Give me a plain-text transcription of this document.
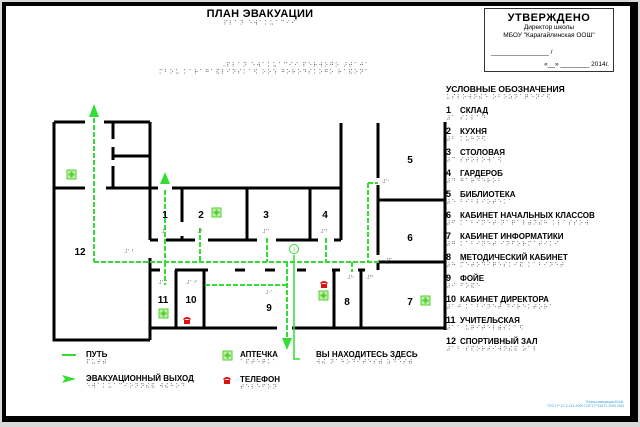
ПЛАН ЭВАКУАЦИИ
⠏⠇⠁⠝ ⠑⠺⠁⠅⠥⠁⠉⠊⠊
⠠⠏⠇⠁⠝ ⠑⠺⠁⠅⠥⠁⠉⠊⠊ ⠏⠑⠗⠺⠕⠛⠕ ⠜⠞⠁⠚⠁
⠍⠃⠕⠥ ⠅⠁⠗⠁⠛⠁⠯⠇⠊⠝⠎⠅⠁⠫ ⠕⠕⠱ ⠛⠕⠗⠕⠙⠎⠅⠕⠛⠕ ⠗⠁⠯⠕⠝⠁
УТВЕРЖДЕНО
Директор школы
МБОУ "Карагайлинская ООШ"
________________ /
«__» ________ 2014г.
i
1	2	3	4
5
6
7
8
9
10
11
12
⠼⠁	⠼⠃	⠼⠉	⠼⠙
⠼⠑
⠼⠋
⠼⠓ ⠼⠛
⠼⠊
⠼⠁⠚
⠼⠁⠁
⠼⠁⠃
УСЛОВНЫЕ ОБОЗНАЧЕНИЯ
⠥⠎⠇⠕⠺⠝⠮⠑ ⠕⠃⠕⠵⠝⠁⠟⠑⠝⠊⠫
1	СКЛАД
⠼⠁ ⠎⠅⠇⠁⠙
2	КУХНЯ
⠼⠃ ⠅⠥⠓⠝⠫
3	СТОЛОВАЯ
⠼⠉ ⠎⠞⠕⠇⠕⠺⠁⠫
4	ГАРДЕРОБ
⠼⠙ ⠛⠁⠗⠙⠑⠗⠕⠃
5	БИБЛИОТЕКА
⠼⠑ ⠃⠊⠃⠇⠊⠕⠞⠑⠅⠁
6	КАБИНЕТ НАЧАЛЬНЫХ КЛАССОВ
⠼⠋ ⠅⠁⠃⠊⠝⠑⠞ ⠝⠁⠟⠁⠇⠾⠝⠮⠓ ⠅⠇⠁⠎⠎⠕⠺
7	КАБИНЕТ ИНФОРМАТИКИ
⠼⠛ ⠅⠁⠃⠊⠝⠑⠞ ⠊⠝⠋⠕⠗⠍⠁⠞⠊⠅⠊
8	МЕТОДИЧЕСКИЙ КАБИНЕТ
⠼⠓ ⠍⠑⠞⠕⠙⠊⠟⠑⠎⠅⠊⠯ ⠅⠁⠃⠊⠝⠑⠞
9	ФОЙЕ
⠼⠊ ⠋⠕⠯⠑
10 КАБИНЕТ ДИРЕКТОРА
⠼⠁⠚ ⠅⠁⠃⠊⠝⠑⠞ ⠙⠊⠗⠑⠅⠞⠕⠗⠁
11 УЧИТЕЛЬСКАЯ
⠼⠁⠁ ⠥⠟⠊⠞⠑⠇⠾⠎⠅⠁⠫
12 СПОРТИВНЫЙ ЗАЛ
⠼⠁⠃ ⠎⠏⠕⠗⠞⠊⠺⠝⠮⠯ ⠵⠁⠇
ПУТЬ
⠏⠥⠞⠾
ЭВАКУАЦИОННЫЙ ВЫХОД
⠑⠺⠁⠅⠥⠁⠉⠊⠕⠝⠝⠮⠯ ⠺⠮⠓⠕⠙
АПТЕЧКА
⠁⠏⠞⠑⠟⠅⠁
ТЕЛЕФОН
⠞⠑⠇⠑⠋⠕⠝
ВЫ НАХОДИТЕСЬ ЗДЕСЬ
⠺⠮ ⠝⠁⠓⠕⠙⠊⠞⠑⠎⠾ ⠵⠙⠑⠎⠾
Планы-эвакуации2014г.
ГОСТ Р 12.2.143-2009 ГОСТ Р 51671-2000 ОКЗ
